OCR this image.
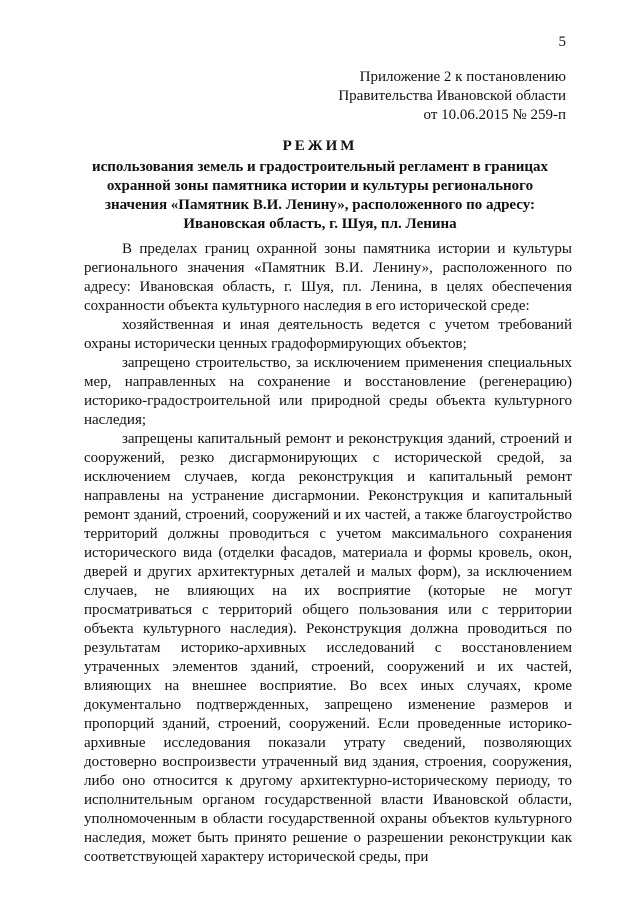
5
Приложение 2 к постановлению
Правительства Ивановской области
от 10.06.2015 № 259-п
РЕЖИМ
использования земель и градостроительный регламент в границах охранной зоны памятника истории и культуры регионального значения «Памятник В.И. Ленину», расположенного по адресу: Ивановская область, г. Шуя, пл. Ленина

В пределах границ охранной зоны памятника истории и культуры регионального значения «Памятник В.И. Ленину», расположенного по адресу: Ивановская область, г. Шуя, пл. Ленина, в целях обеспечения сохранности объекта культурного наследия в его исторической среде:

хозяйственная и иная деятельность ведется с учетом требований охраны исторически ценных градоформирующих объектов;

запрещено строительство, за исключением применения специальных мер, направленных на сохранение и восстановление (регенерацию) историко-градостроительной или природной среды объекта культурного наследия;

запрещены капитальный ремонт и реконструкция зданий, строений и сооружений, резко дисгармонирующих с исторической средой, за исключением случаев, когда реконструкция и капитальный ремонт направлены на устранение дисгармонии. Реконструкция и капитальный ремонт зданий, строений, сооружений и их частей, а также благоустройство территорий должны проводиться с учетом максимального сохранения исторического вида (отделки фасадов, материала и формы кровель, окон, дверей и других архитектурных деталей и малых форм), за исключением случаев, не влияющих на их восприятие (которые не могут просматриваться с территорий общего пользования или с территории объекта культурного наследия). Реконструкция должна проводиться по результатам историко-архивных исследований с восстановлением утраченных элементов зданий, строений, сооружений и их частей, влияющих на внешнее восприятие. Во всех иных случаях, кроме документально подтвержденных, запрещено изменение размеров и пропорций зданий, строений, сооружений. Если проведенные историко-архивные исследования показали утрату сведений, позволяющих достоверно воспроизвести утраченный вид здания, строения, сооружения, либо оно относится к другому архитектурно-историческому периоду, то исполнительным органом государственной власти Ивановской области, уполномоченным в области государственной охраны объектов культурного наследия, может быть принято решение о разрешении реконструкции как соответствующей характеру исторической среды, при
